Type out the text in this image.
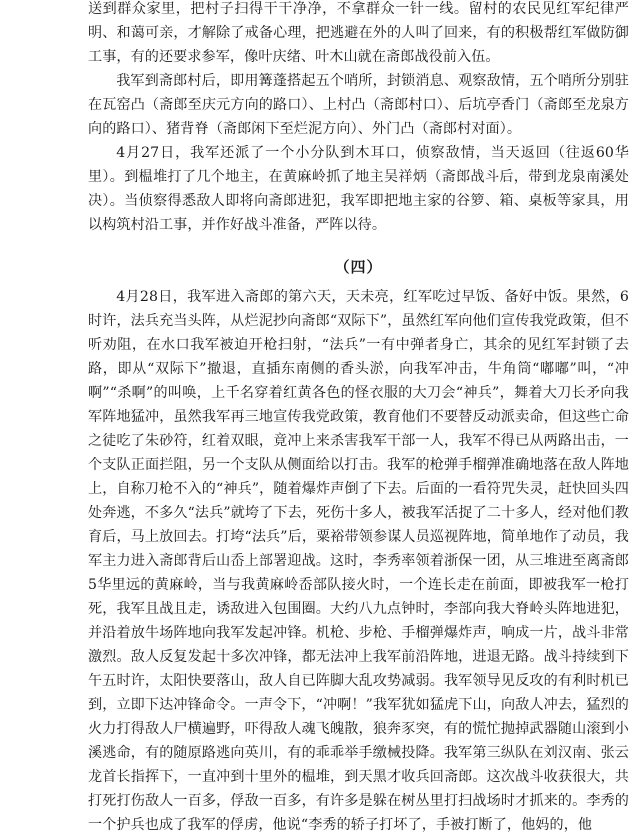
送到群众家里，把村子扫得干干净净，不拿群众一针一线。留村的农民见红军纪律严明、和蔼可亲，才解除了戒备心理，把逃避在外的人叫了回来，有的积极帮红军做防御工事，有的还要求参军，像叶庆绪、叶木山就在斋郎战役前入伍。

我军到斋郎村后，即用篝蓬搭起五个哨所，封锁消息、观察敌情，五个哨所分别驻在瓦窑凸（斋郎至庆元方向的路口）、上村凸（斋郎村口）、后坑亭香门（斋郎至龙泉方向的路口）、猪背脊（斋郎闲下至烂泥方向）、外门凸（斋郎村对面）。

4月27日，我军还派了一个小分队到木耳口，侦察敌情，当天返回（往返60华里）。到榅堆打了几个地主，在黄麻岭抓了地主吴祥炳（斋郎战斗后，带到龙泉南溪处决）。当侦察得悉敌人即将向斋郎进犯，我军即把地主家的谷箩、箱、桌板等家具，用以构筑村沿工事，并作好战斗准备，严阵以待。

（四）

4月28日，我军进入斋郎的第六天，天未亮，红军吃过早饭、备好中饭。果然，6时许，法兵充当头阵，从烂泥抄向斋郎“双际下”，虽然红军向他们宣传我党政策，但不听劝阻，在水口我军被迫开枪扫射，“法兵”一有中弹者身亡，其余的见红军封锁了去路，即从“双际下”撤退，直插东南侧的香头淤，向我军冲击，牛角筒“嘟嘟”叫，“冲啊”“杀啊”的叫唤，上千名穿着红黄各色的怪衣服的大刀会“神兵”，舞着大刀长矛向我军阵地猛冲，虽然我军再三地宣传我党政策，教育他们不要替反动派卖命，但这些亡命之徒吃了朱砂符，红着双眼，竟冲上来杀害我军干部一人，我军不得已从两路出击，一个支队正面拦阻，另一个支队从侧面给以打击。我军的枪弹手榴弹准确地落在敌人阵地上，自称刀枪不入的“神兵”，随着爆炸声倒了下去。后面的一看符咒失灵，赶快回头四处奔逃，不多久“法兵”就垮了下去，死伤十多人，被我军活捉了二十多人，经对他们教育后，马上放回去。打垮“法兵”后，粟裕带领参谋人员巡视阵地，简单地作了动员，我军主力进入斋郎背后山岙上部署迎战。这时，李秀率领着浙保一团，从三堆进至离斋郎5华里远的黄麻岭，当与我黄麻岭岙部队接火时，一个连长走在前面，即被我军一枪打死，我军且战且走，诱敌进入包围圈。大约八九点钟时，李部向我大脊岭头阵地进犯，并沿着放牛场阵地向我军发起冲锋。机枪、步枪、手榴弹爆炸声，响成一片，战斗非常激烈。敌人反复发起十多次冲锋，都无法冲上我军前沿阵地，进退无路。战斗持续到下午五时许，太阳快要落山，敌人自已阵脚大乱攻势减弱。我军领导见反攻的有利时机已到，立即下达冲锋命令。一声令下，“冲啊！”我军犹如猛虎下山，向敌人冲去，猛烈的火力打得敌人尸横遍野，吓得敌人魂飞魄散，狼奔豕突，有的慌忙抛掉武器随山滚到小溪逃命，有的随原路逃向英川，有的乖乖举手缴械投降。我军第三纵队在刘汉南、张云龙首长指挥下，一直冲到十里外的榅堆，到天黑才收兵回斋郎。这次战斗收获很大，共打死打伤敌人一百多，俘敌一百多，有许多是躲在树丛里打扫战场时才抓来的。李秀的一个护兵也成了我军的俘虏，他说“李秀的轿子打坏了，手被打断了，他妈的，他
